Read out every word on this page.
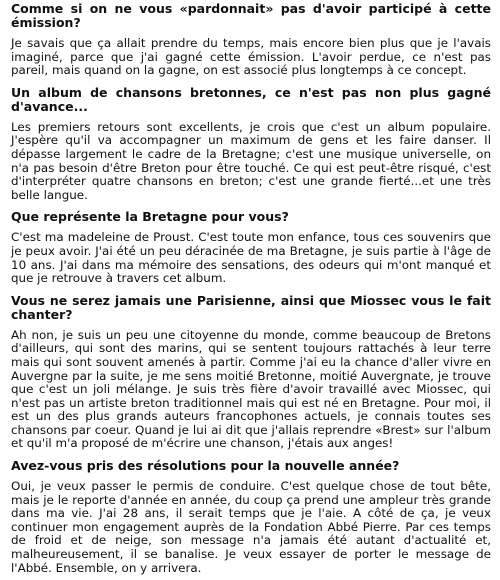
Comme si on ne vous «pardonnait» pas d'avoir participé à cette émission?

Je savais que ça allait prendre du temps, mais encore bien plus que je l'avais imaginé, parce que j'ai gagné cette émission. L'avoir perdue, ce n'est pas pareil, mais quand on la gagne, on est associé plus longtemps à ce concept.

Un album de chansons bretonnes, ce n'est pas non plus gagné d'avance...

Les premiers retours sont excellents, je crois que c'est un album populaire. J'espère qu'il va accompagner un maximum de gens et les faire danser. Il dépasse largement le cadre de la Bretagne; c'est une musique universelle, on n'a pas besoin d'être Breton pour être touché. Ce qui est peut-être risqué, c'est d'interpréter quatre chansons en breton; c'est une grande fierté...et une très belle langue.

Que représente la Bretagne pour vous?

C'est ma madeleine de Proust. C'est toute mon enfance, tous ces souvenirs que je peux avoir. J'ai été un peu déracinée de ma Bretagne, je suis partie à l'âge de 10 ans. J'ai dans ma mémoire des sensations, des odeurs qui m'ont manqué et que je retrouve à travers cet album.

Vous ne serez jamais une Parisienne, ainsi que Miossec vous le fait chanter?

Ah non, je suis un peu une citoyenne du monde, comme beaucoup de Bretons d'ailleurs, qui sont des marins, qui se sentent toujours rattachés à leur terre mais qui sont souvent amenés à partir. Comme j'ai eu la chance d'aller vivre en Auvergne par la suite, je me sens moitié Bretonne, moitié Auvergnate, je trouve que c'est un joli mélange. Je suis très fière d'avoir travaillé avec Miossec, qui n'est pas un artiste breton traditionnel mais qui est né en Bretagne. Pour moi, il est un des plus grands auteurs francophones actuels, je connais toutes ses chansons par coeur. Quand je lui ai dit que j'allais reprendre «Brest» sur l'album et qu'il m'a proposé de m'écrire une chanson, j'étais aux anges!

Avez-vous pris des résolutions pour la nouvelle année?

Oui, je veux passer le permis de conduire. C'est quelque chose de tout bête, mais je le reporte d'année en année, du coup ça prend une ampleur très grande dans ma vie. J'ai 28 ans, il serait temps que je l'aie. A côté de ça, je veux continuer mon engagement auprès de la Fondation Abbé Pierre. Par ces temps de froid et de neige, son message n'a jamais été autant d'actualité et, malheureusement, il se banalise. Je veux essayer de porter le message de l'Abbé. Ensemble, on y arrivera.
